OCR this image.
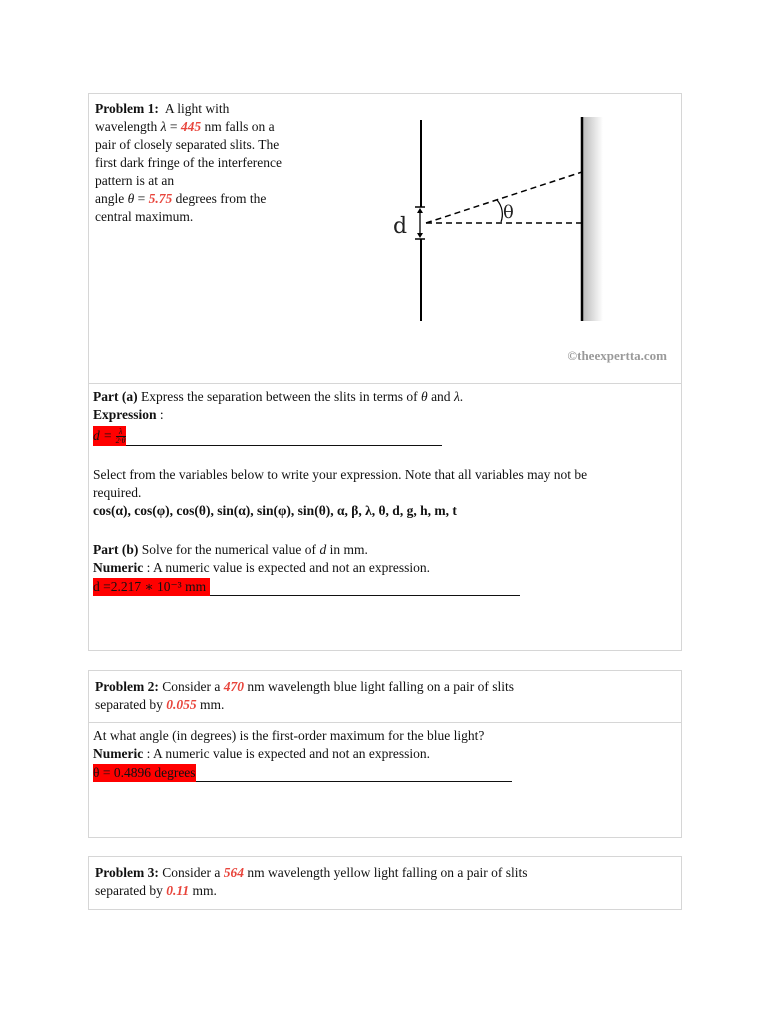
Problem 1: A light with
wavelength λ = 445 nm falls on a
pair of closely separated slits. The
first dark fringe of the interference
pattern is at an
angle θ = 5.75 degrees from the
central maximum.	d
θ
©theexpertta.com
Part (a) Express the separation between the slits in terms of θ and λ.
Expression :
$d = \frac{\lambda}{2\cdot\theta}$
Select from the variables below to write your expression. Note that all variables may not be
required.
cos(α), cos(φ), cos(θ), sin(α), sin(φ), sin(θ), α, β, λ, θ, d, g, h, m, t
Part (b) Solve for the numerical value of d in mm.
Numeric : A numeric value is expected and not an expression.
d =2.217 ∗ 10⁻³ mm
Problem 2: Consider a 470 nm wavelength blue light falling on a pair of slits
separated by 0.055 mm.
At what angle (in degrees) is the first-order maximum for the blue light?
Numeric : A numeric value is expected and not an expression.
θ = 0.4896 degrees
Problem 3: Consider a 564 nm wavelength yellow light falling on a pair of slits
separated by 0.11 mm.
